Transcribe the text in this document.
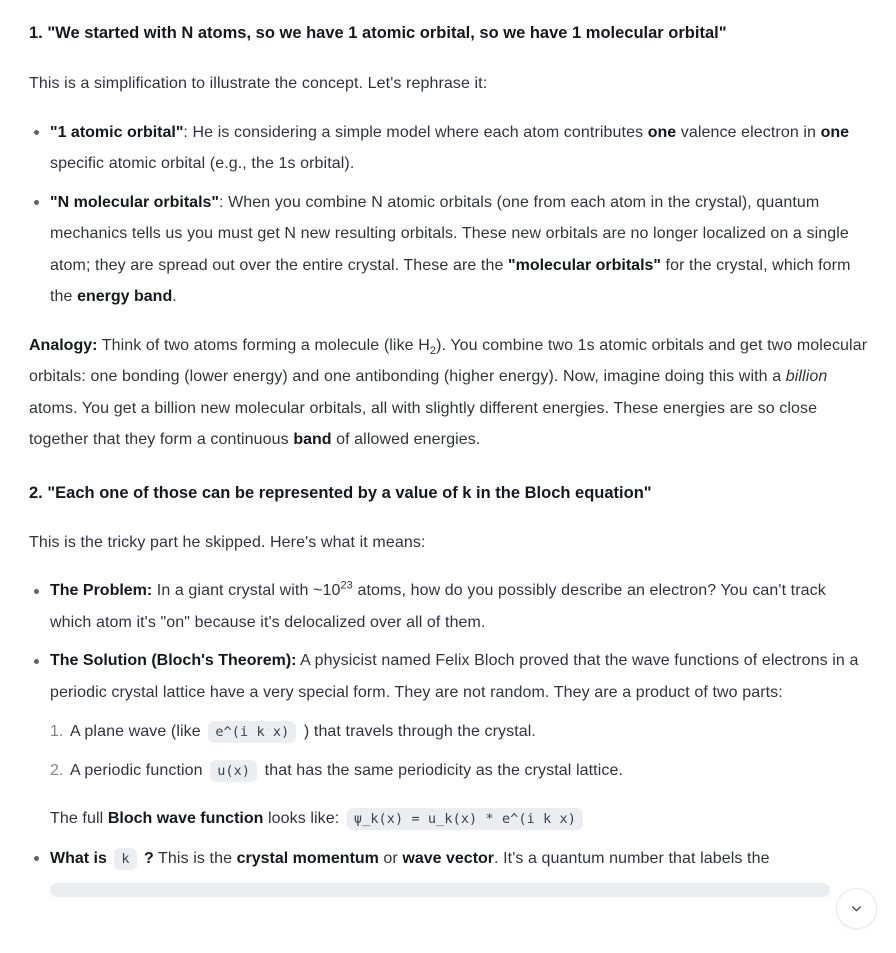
1. "We started with N atoms, so we have 1 atomic orbital, so we have 1 molecular orbital"

This is a simplification to illustrate the concept. Let's rephrase it:

"1 atomic orbital": He is considering a simple model where each atom contributes one valence electron in one specific atomic orbital (e.g., the 1s orbital).
"N molecular orbitals": When you combine N atomic orbitals (one from each atom in the crystal), quantum mechanics tells us you must get N new resulting orbitals. These new orbitals are no longer localized on a single atom; they are spread out over the entire crystal. These are the "molecular orbitals" for the crystal, which form the energy band.

Analogy: Think of two atoms forming a molecule (like $H_2$). You combine two 1s atomic orbitals and get two molecular orbitals: one bonding (lower energy) and one antibonding (higher energy). Now, imagine doing this with a billion atoms. You get a billion new molecular orbitals, all with slightly different energies. These energies are so close together that they form a continuous band of allowed energies.

2. "Each one of those can be represented by a value of k in the Bloch equation"

This is the tricky part he skipped. Here's what it means:

The Problem: In a giant crystal with $\sim 10^{23}$ atoms, how do you possibly describe an electron? You can't track which atom it's "on" because it's delocalized over all of them.
The Solution (Bloch's Theorem): A physicist named Felix Bloch proved that the wave functions of electrons in a periodic crystal lattice have a very special form. They are not random. They are a product of two parts:
1. A plane wave (like e^(i k x) ) that travels through the crystal.
2. A periodic function u(x) that has the same periodicity as the crystal lattice.

The full Bloch wave function looks like: ψ_k(x) = u_k(x) * e^(i k x)

What is k ? This is the crystal momentum or wave vector. It's a quantum number that labels the
